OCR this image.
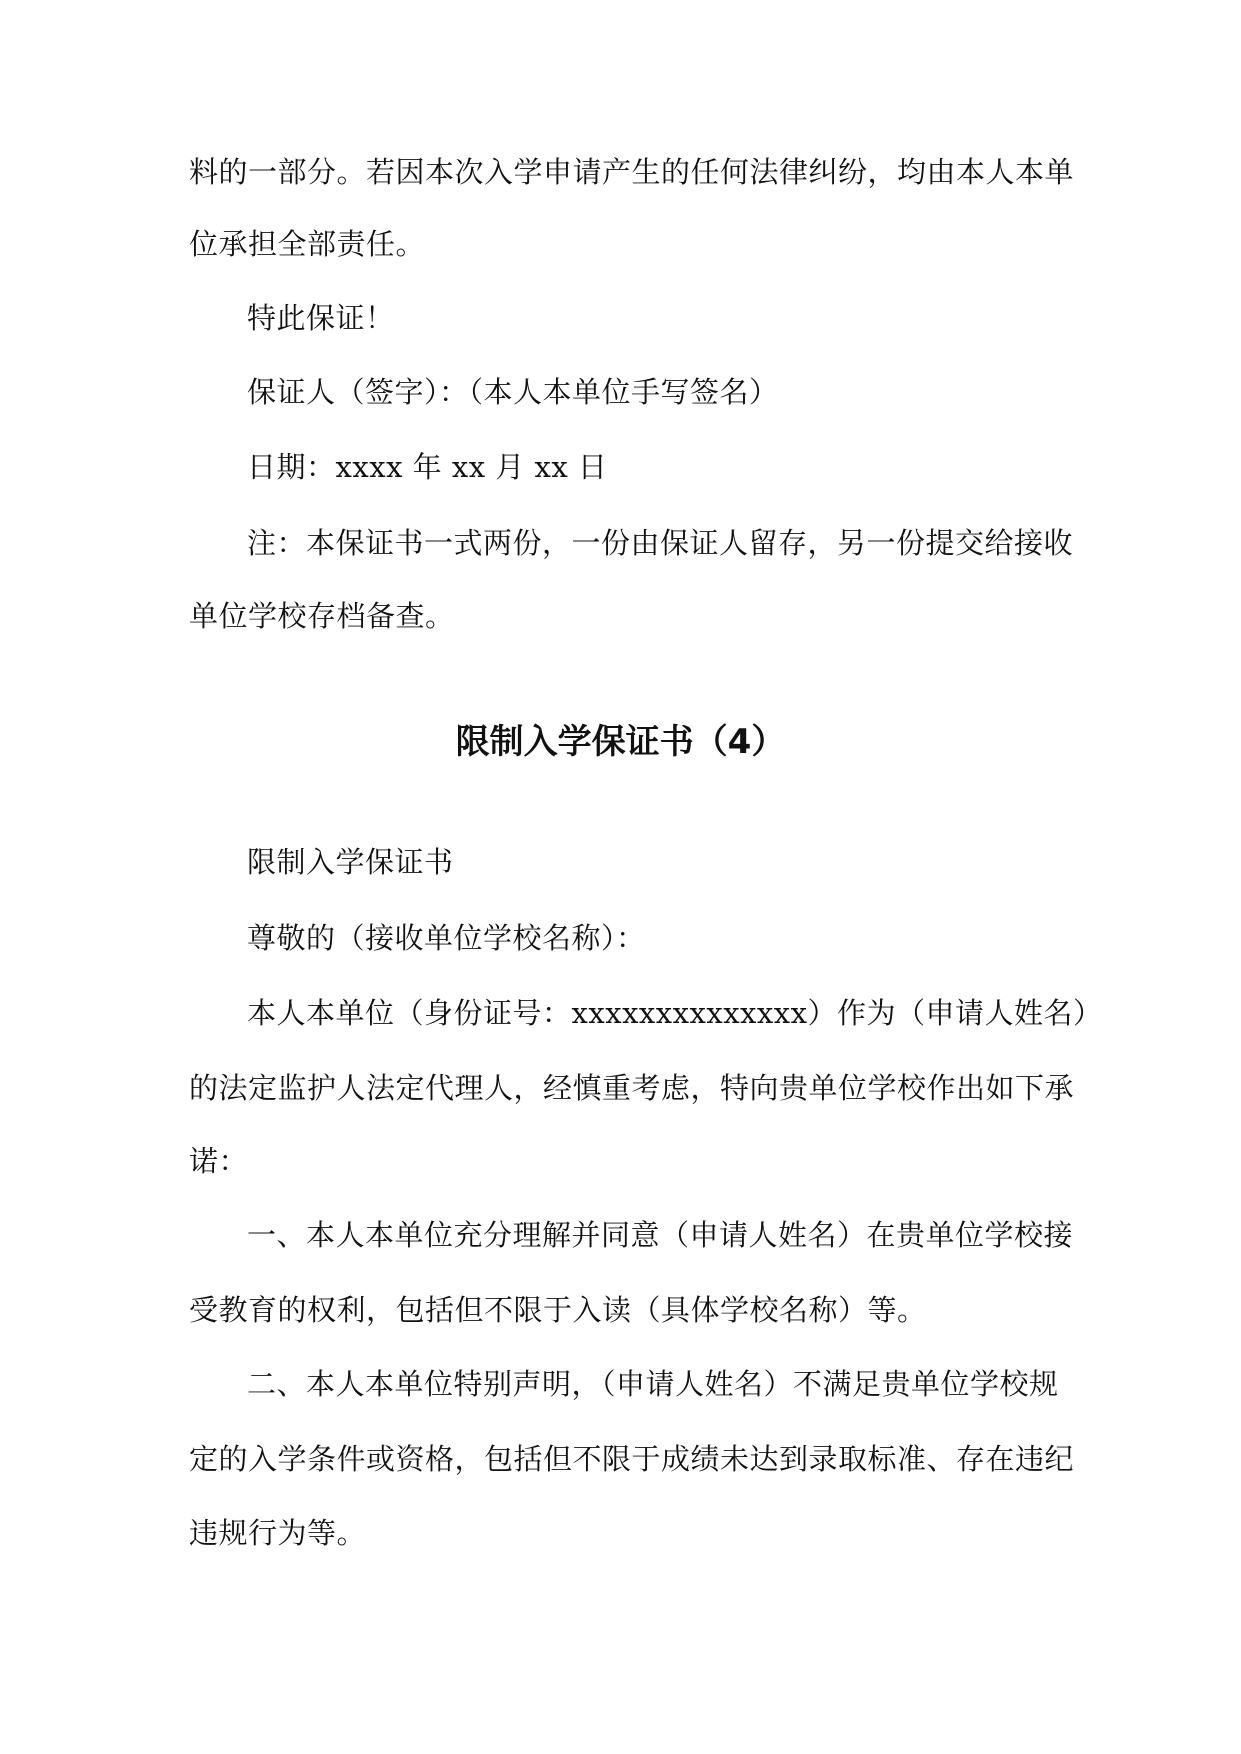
料的一部分。若因本次入学申请产生的任何法律纠纷，均由本人本单
位承担全部责任。
特此保证！
保证人（签字）：（本人本单位手写签名）
日期：xxxx 年 xx 月 xx 日
注：本保证书一式两份，一份由保证人留存，另一份提交给接收
单位学校存档备查。
限制入学保证书（4）
限制入学保证书
尊敬的（接收单位学校名称）：
本人本单位（身份证号：xxxxxxxxxxxxxx）作为（申请人姓名）
的法定监护人法定代理人，经慎重考虑，特向贵单位学校作出如下承
诺：
一、本人本单位充分理解并同意（申请人姓名）在贵单位学校接
受教育的权利，包括但不限于入读（具体学校名称）等。
二、本人本单位特别声明，（申请人姓名）不满足贵单位学校规
定的入学条件或资格，包括但不限于成绩未达到录取标准、存在违纪
违规行为等。
